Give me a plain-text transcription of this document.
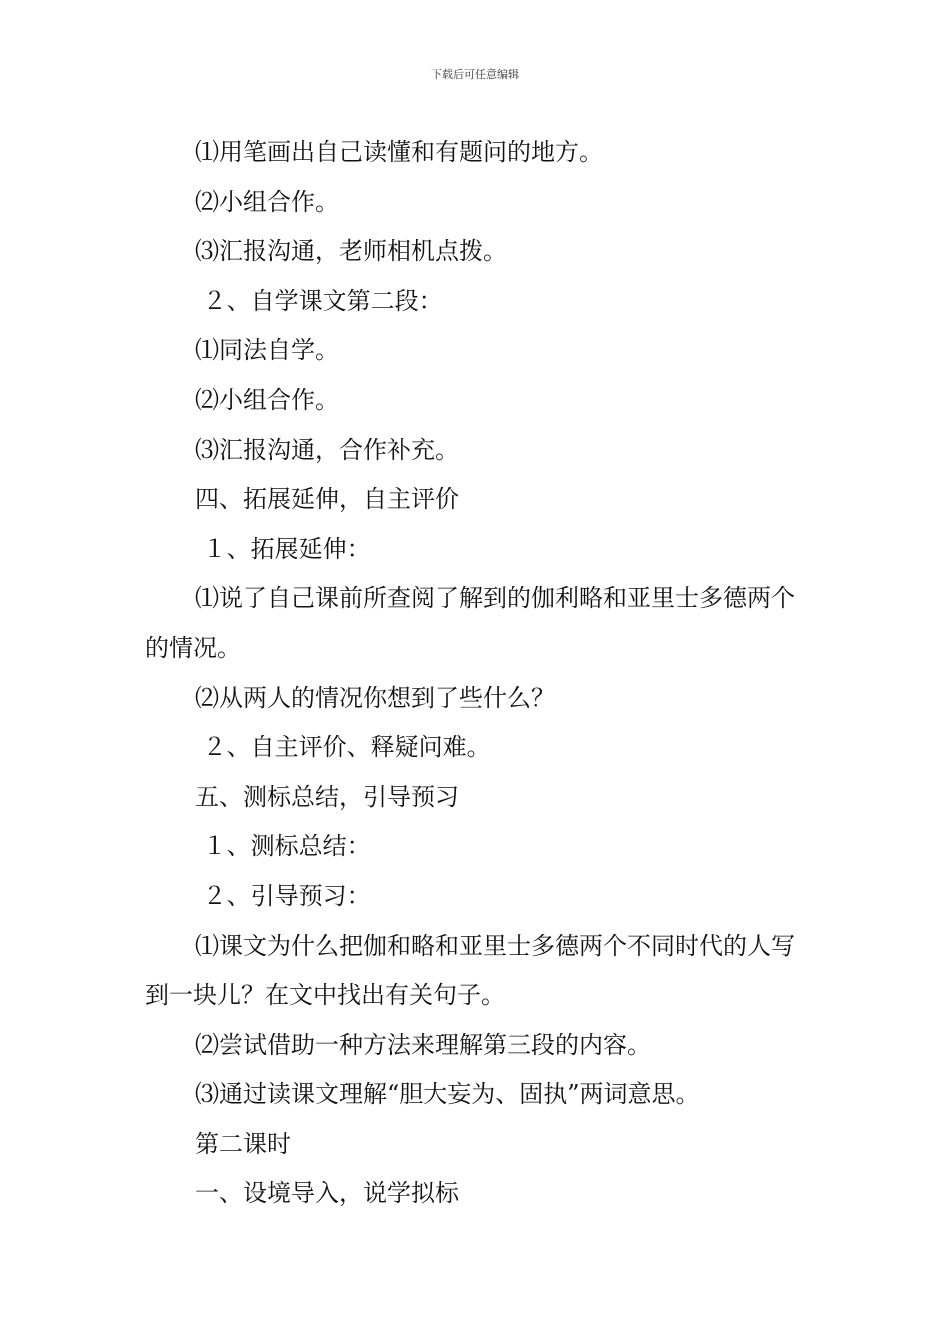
下载后可任意编辑
⑴用笔画出自己读懂和有题问的地方。
⑵小组合作。
⑶汇报沟通，老师相机点拨。
２、自学课文第二段：
⑴同法自学。
⑵小组合作。
⑶汇报沟通，合作补充。
四、拓展延伸，自主评价
１、拓展延伸：
⑴说了自己课前所查阅了解到的伽利略和亚里士多德两个的情况。
⑵从两人的情况你想到了些什么？
２、自主评价、释疑问难。
五、测标总结，引导预习
１、测标总结：
２、引导预习：
⑴课文为什么把伽和略和亚里士多德两个不同时代的人写到一块儿？在文中找出有关句子。
⑵尝试借助一种方法来理解第三段的内容。
⑶通过读课文理解“胆大妄为、固执”两词意思。
第二课时
一、设境导入，说学拟标
